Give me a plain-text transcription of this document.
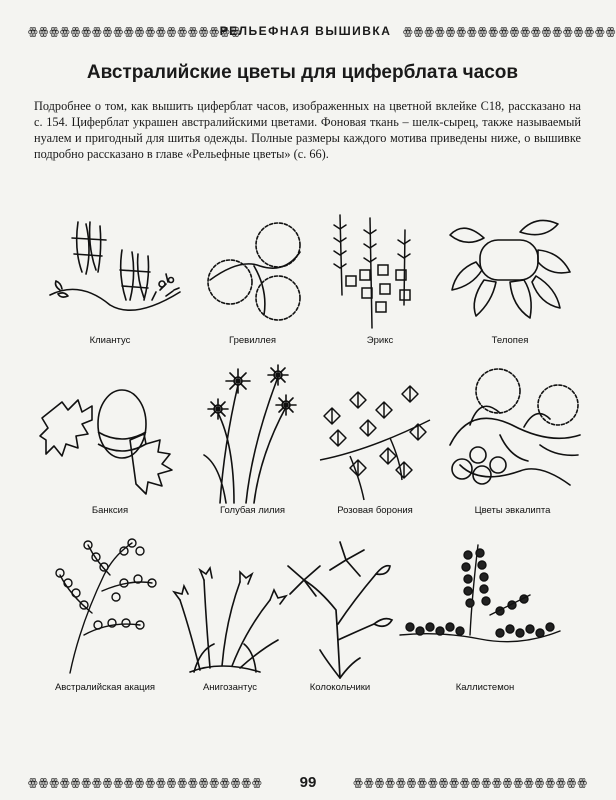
ꙮꙮꙮꙮꙮꙮꙮꙮꙮꙮꙮꙮꙮꙮꙮꙮꙮꙮꙮꙮ
РЕЛЬЕФНАЯ ВЫШИВКА	ꙮꙮꙮꙮꙮꙮꙮꙮꙮꙮꙮꙮꙮꙮꙮꙮꙮꙮꙮꙮ
Австралийские цветы для циферблата часов
Подробнее о том, как вышить циферблат часов, изображенных на цветной вклейке С18, рассказано на с. 154. Циферблат украшен австралийскими цветами. Фоновая ткань – шелк-сырец, также называемый нуалем и пригодный для шитья одежды. Полные размеры каждого мотива приведены ниже, о вышивке подробно рассказано в главе «Рельефные цветы» (с. 66).
Клиантус	Гревиллея	Эрикс	Телопея
Банксия	Голубая лилия	Розовая борония	Цветы эвкалипта
Австралийская акация	Анигозантус	Колокольчики	Каллистемон
ꙮꙮꙮꙮꙮꙮꙮꙮꙮꙮꙮꙮꙮꙮꙮꙮꙮꙮꙮꙮꙮꙮ	99	ꙮꙮꙮꙮꙮꙮꙮꙮꙮꙮꙮꙮꙮꙮꙮꙮꙮꙮꙮꙮꙮꙮ
